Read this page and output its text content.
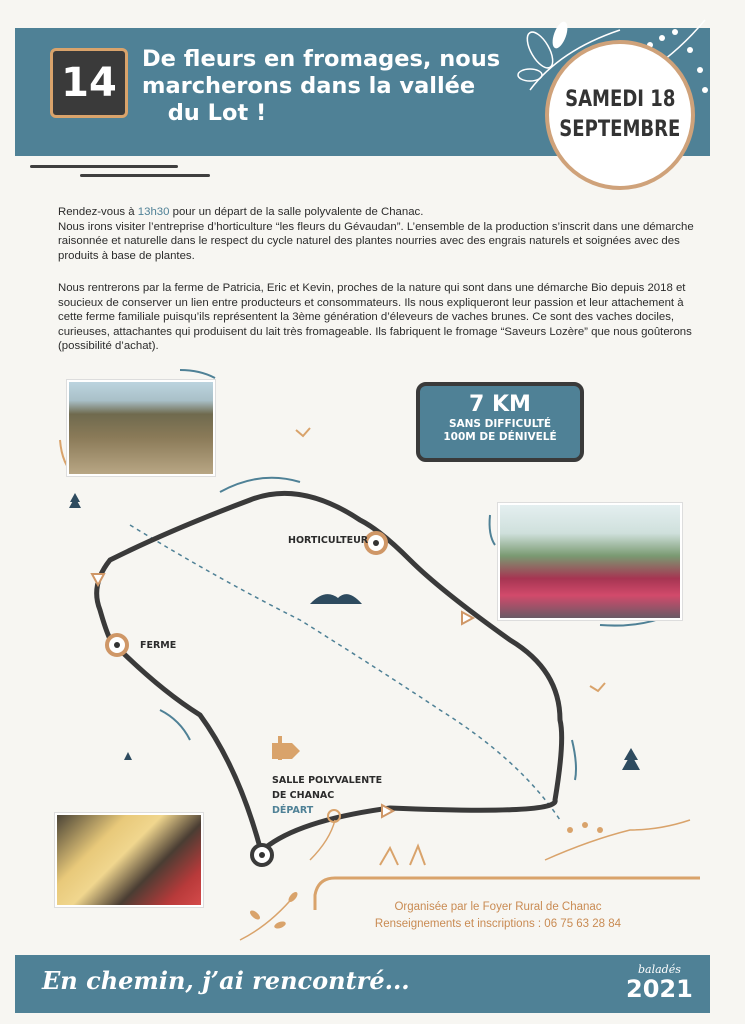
14
De fleurs en fromages, nous
marcherons dans la vallée
du Lot !
SAMEDI 18
SEPTEMBRE

Rendez-vous à 13h30 pour un départ de la salle polyvalente de Chanac.

Nous irons visiter l’entreprise d’horticulture “les fleurs du Gévaudan”. L’ensemble de la production s’inscrit dans une démarche raisonnée et naturelle dans le respect du cycle naturel des plantes nourries avec des engrais naturels et soignées avec des produits à base de plantes.

Nous rentrerons par la ferme de Patricia, Eric et Kevin, proches de la nature qui sont dans une démarche Bio depuis 2018 et soucieux de conserver un lien entre producteurs et consommateurs. Ils nous expliqueront leur passion et leur attachement à cette ferme familiale puisqu’ils représentent la 3ème génération d’éleveurs de vaches brunes. Ce sont des vaches dociles, curieuses, attachantes qui produisent du lait très fromageable. Ils fabriquent le fromage “Saveurs Lozère” que nous goûterons (possibilité d’achat).

7 KM
SANS DIFFICULTÉ
100M DE DÉNIVELÉ
HORTICULTEUR
FERME
SALLE POLYVALENTE
DE CHANAC
DÉPART
Organisée par le Foyer Rural de Chanac
Renseignements et inscriptions : 06 75 63 28 84
En chemin, j’ai rencontré...	baladés
2021
